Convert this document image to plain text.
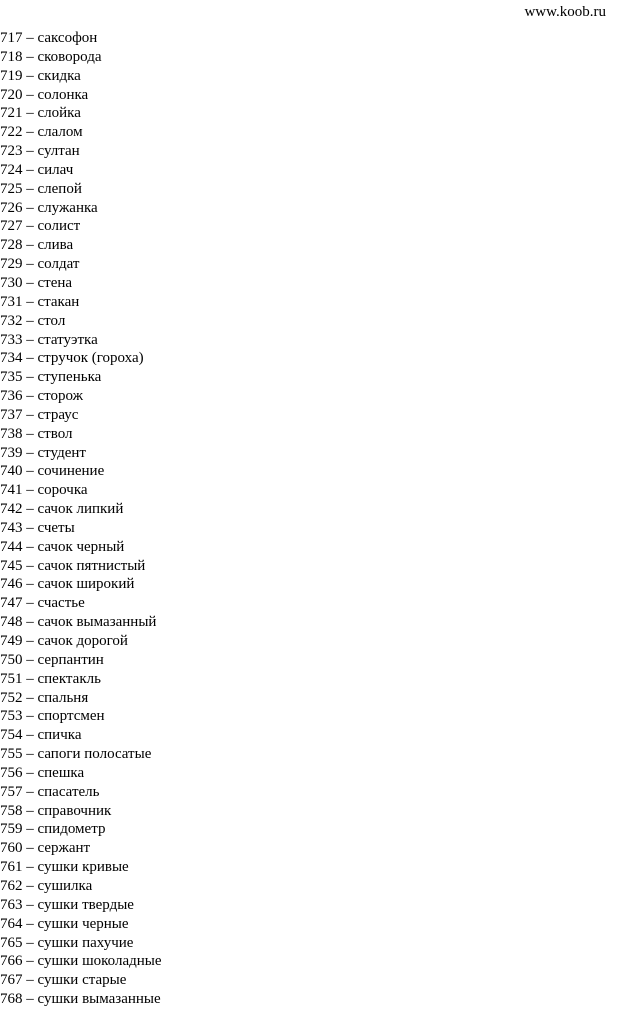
www.koob.ru
717 – саксофон
718 – сковорода
719 – скидка
720 – солонка
721 – слойка
722 – слалом
723 – султан
724 – силач
725 – слепой
726 – служанка
727 – солист
728 – слива
729 – солдат
730 – стена
731 – стакан
732 – стол
733 – статуэтка
734 – стручок (гороха)
735 – ступенька
736 – сторож
737 – страус
738 – ствол
739 – студент
740 – сочинение
741 – сорочка
742 – сачок липкий
743 – счеты
744 – сачок черный
745 – сачок пятнистый
746 – сачок широкий
747 – счастье
748 – сачок вымазанный
749 – сачок дорогой
750 – серпантин
751 – спектакль
752 – спальня
753 – спортсмен
754 – спичка
755 – сапоги полосатые
756 – спешка
757 – спасатель
758 – справочник
759 – спидометр
760 – сержант
761 – сушки кривые
762 – сушилка
763 – сушки твердые
764 – сушки черные
765 – сушки пахучие
766 – сушки шоколадные
767 – сушки старые
768 – сушки вымазанные
